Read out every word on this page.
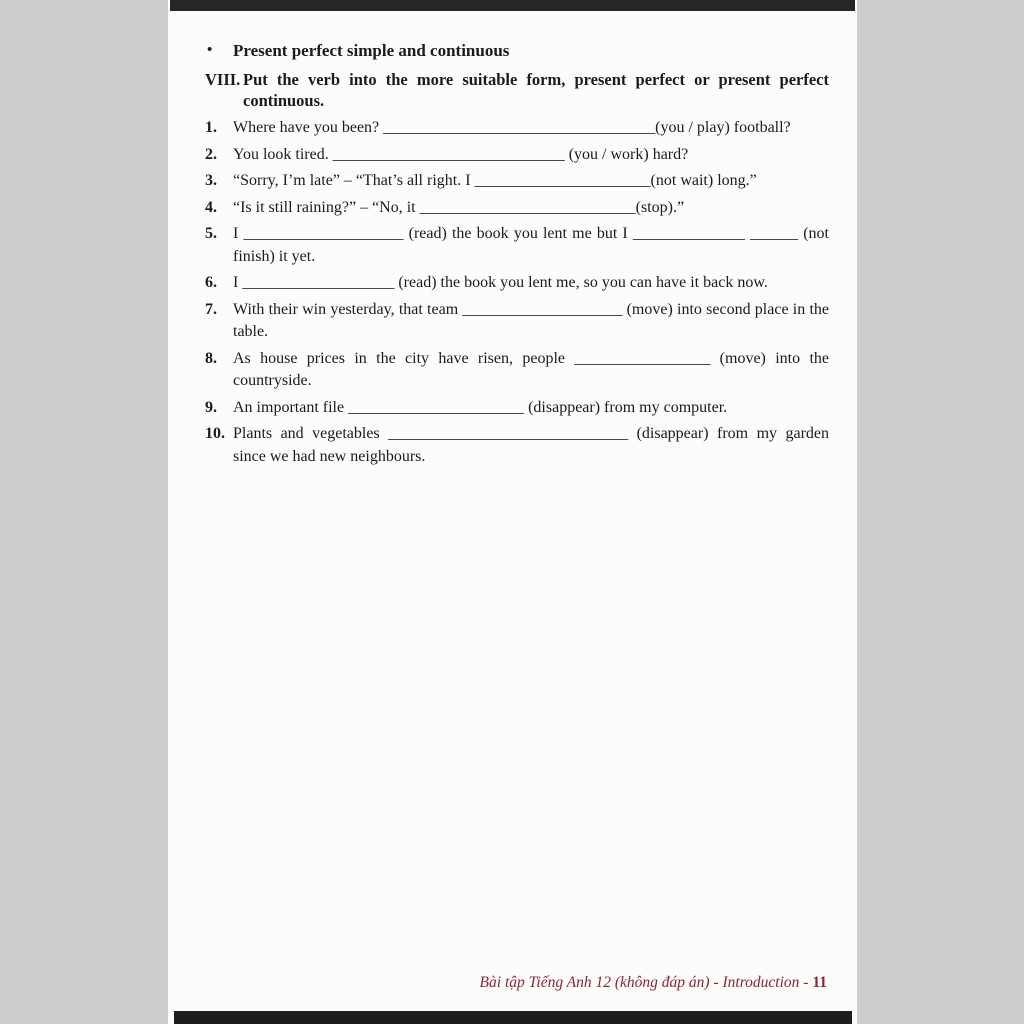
• Present perfect simple and continuous
VIII. Put the verb into the more suitable form, present perfect or present perfect continuous.
1. Where have you been? __________________________________(you / play) football?
2. You look tired. _____________________________ (you / work) hard?
3. “Sorry, I’m late” – “That’s all right. I ______________________(not wait) long.”
4. “Is it still raining?” – “No, it ___________________________(stop).”
5. I ____________________ (read) the book you lent me but I ______________ ______ (not finish) it yet.
6. I ___________________ (read) the book you lent me, so you can have it back now.
7. With their win yesterday, that team ____________________ (move) into second place in the table.
8. As house prices in the city have risen, people _________________ (move) into the countryside.
9. An important file ______________________ (disappear) from my computer.
10. Plants and vegetables ______________________________ (disappear) from my garden since we had new neighbours.
Bài tập Tiếng Anh 12 (không đáp án) - Introduction - 11
